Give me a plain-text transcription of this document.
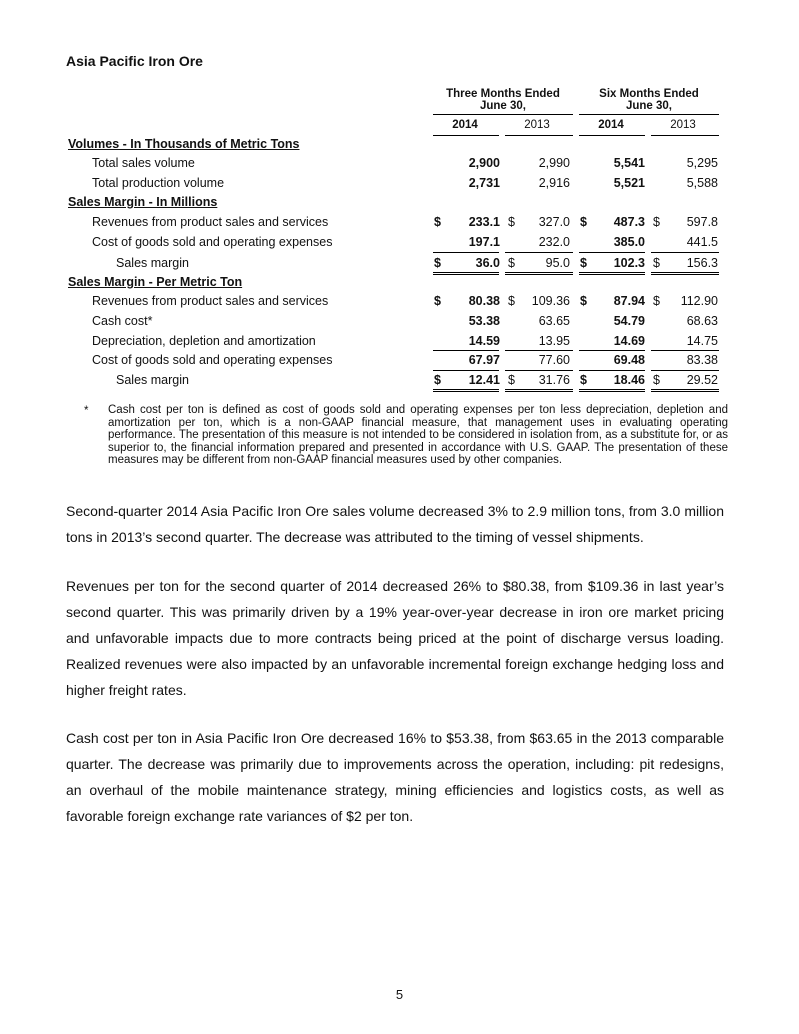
Asia Pacific Iron Ore
Three Months Ended
June 30,
Six Months Ended
June 30,
2014	2013	2014	2013
Volumes - In Thousands of Metric Tons
Sales Margin - In Millions
Sales Margin - Per Metric Ton
Total sales volume	2,900	2,990	5,541	5,295
Total production volume	2,731	2,916	5,521	5,588
Revenues from product sales and services	$ 233.1 $ 327.0 $ 487.3 $ 597.8
Cost of goods sold and operating expenses	197.1	232.0	385.0	441.5
Sales margin	$	36.0 $ 95.0 $ 102.3 $ 156.3
Revenues from product sales and services	$ 80.38 $ 109.36 $ 87.94 $ 112.90
Cash cost*	53.38	63.65	54.79	68.63
Depreciation, depletion and amortization	14.59	13.95	14.69	14.75
Cost of goods sold and operating expenses	67.97	77.60	69.48	83.38
Sales margin	$ 12.41 $ 31.76 $ 18.46 $ 29.52
* Cash cost per ton is defined as cost of goods sold and operating expenses per ton less depreciation, depletion and amortization per ton, which is a non-GAAP financial measure, that management uses in evaluating operating performance. The presentation of this measure is not intended to be considered in isolation from, as a substitute for, or as superior to, the financial information prepared and presented in accordance with U.S. GAAP. The presentation of these measures may be different from non-GAAP financial measures used by other companies.
Second-quarter 2014 Asia Pacific Iron Ore sales volume decreased 3% to 2.9 million tons, from 3.0 million tons in 2013’s second quarter. The decrease was attributed to the timing of vessel shipments.
Revenues per ton for the second quarter of 2014 decreased 26% to $80.38, from $109.36 in last year’s second quarter. This was primarily driven by a 19% year-over-year decrease in iron ore market pricing and unfavorable impacts due to more contracts being priced at the point of discharge versus loading. Realized revenues were also impacted by an unfavorable incremental foreign exchange hedging loss and higher freight rates.
Cash cost per ton in Asia Pacific Iron Ore decreased 16% to $53.38, from $63.65 in the 2013 comparable quarter. The decrease was primarily due to improvements across the operation, including: pit redesigns, an overhaul of the mobile maintenance strategy, mining efficiencies and logistics costs, as well as favorable foreign exchange rate variances of $2 per ton.
5
